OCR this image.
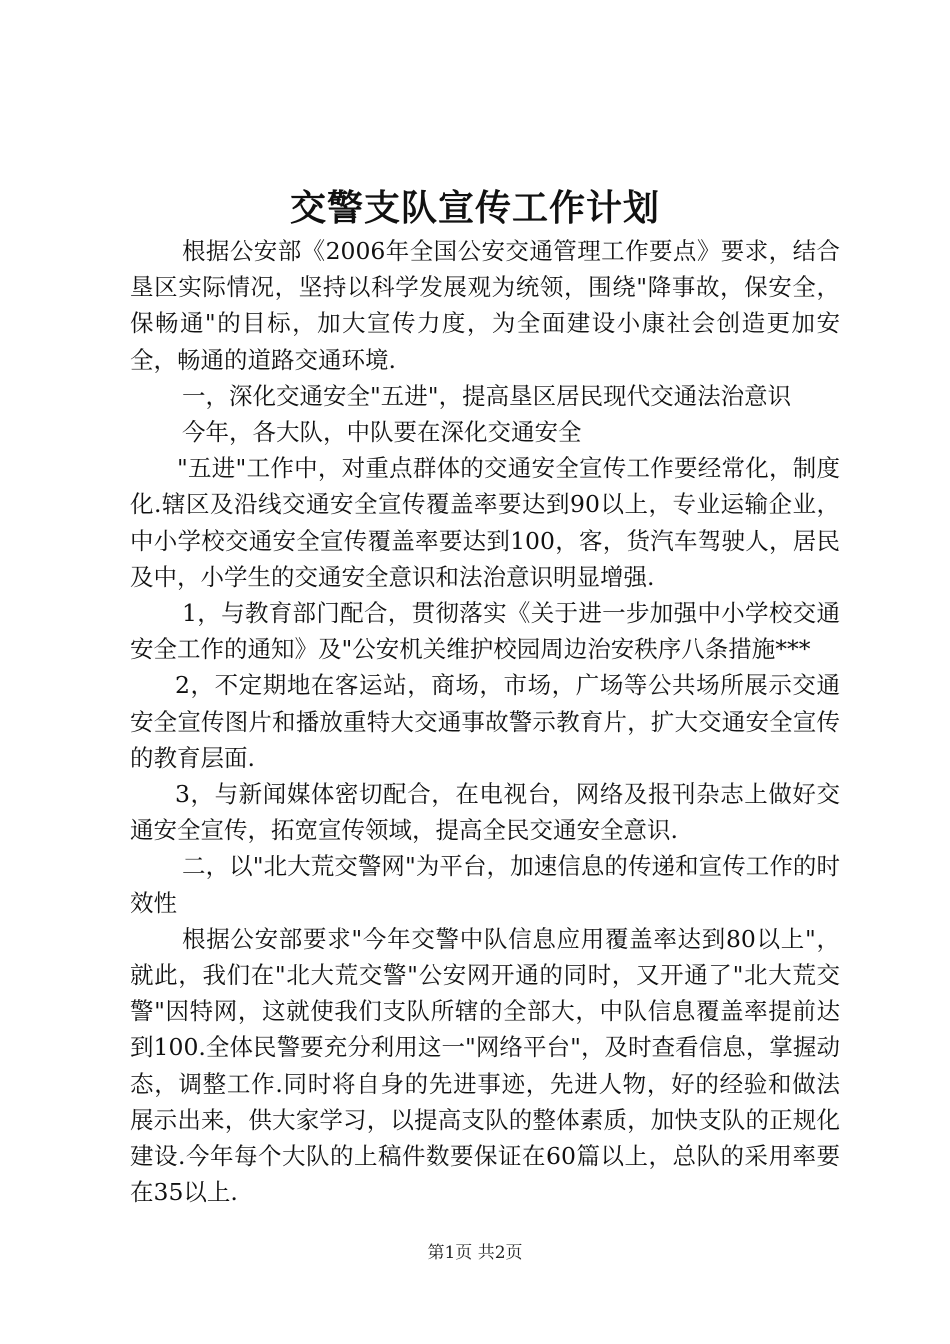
交警支队宣传工作计划

根据公安部《2006年全国公安交通管理工作要点》要求，结合垦区实际情况，坚持以科学发展观为统领，围绕"降事故，保安全，保畅通"的目标，加大宣传力度，为全面建设小康社会创造更加安全，畅通的道路交通环境.

一，深化交通安全"五进"，提高垦区居民现代交通法治意识

今年，各大队，中队要在深化交通安全

"五进"工作中，对重点群体的交通安全宣传工作要经常化，制度化.辖区及沿线交通安全宣传覆盖率要达到90以上，专业运输企业，中小学校交通安全宣传覆盖率要达到100，客，货汽车驾驶人，居民及中，小学生的交通安全意识和法治意识明显增强.

1，与教育部门配合，贯彻落实《关于进一步加强中小学校交通安全工作的通知》及"公安机关维护校园周边治安秩序八条措施***

2，不定期地在客运站，商场，市场，广场等公共场所展示交通安全宣传图片和播放重特大交通事故警示教育片，扩大交通安全宣传的教育层面.

3，与新闻媒体密切配合，在电视台，网络及报刊杂志上做好交通安全宣传，拓宽宣传领域，提高全民交通安全意识.

二，以"北大荒交警网"为平台，加速信息的传递和宣传工作的时效性

根据公安部要求"今年交警中队信息应用覆盖率达到80以上"，就此，我们在"北大荒交警"公安网开通的同时，又开通了"北大荒交警"因特网，这就使我们支队所辖的全部大，中队信息覆盖率提前达到100.全体民警要充分利用这一"网络平台"，及时查看信息，掌握动态，调整工作.同时将自身的先进事迹，先进人物，好的经验和做法展示出来，供大家学习，以提高支队的整体素质，加快支队的正规化建设.今年每个大队的上稿件数要保证在60篇以上，总队的采用率要在35以上.

第1页 共2页
